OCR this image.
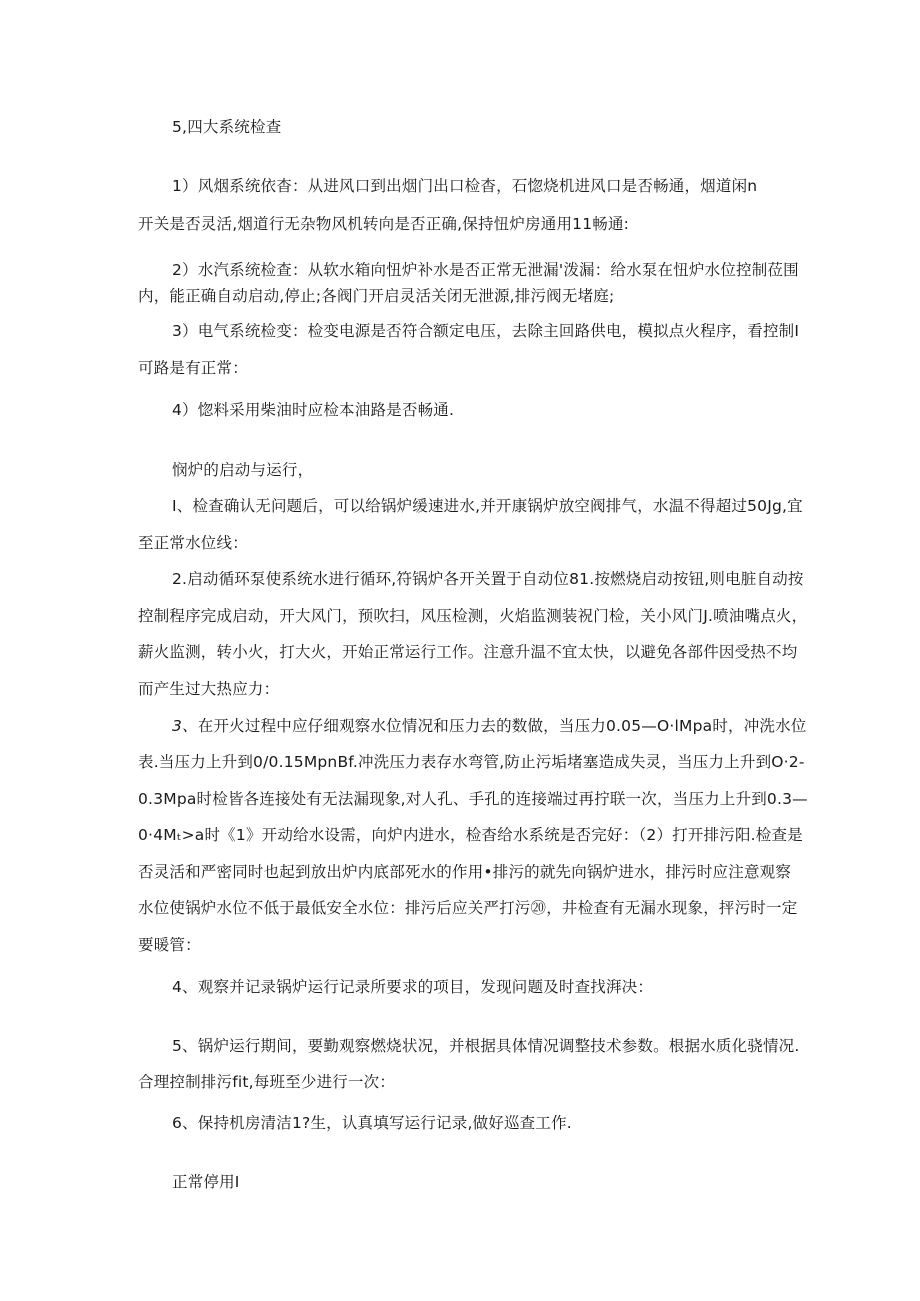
5,四大系统检查

1）风烟系统依杳：从进风口到出烟门出口检杳，石惚烧机进风口是否畅通，烟道闲n

开关是否灵活,烟道行无杂物风机转向是否正确,保持忸炉房通用11畅通:

2）水汽系统检查：从软水箱向忸炉补水是否正常无泄漏'泼漏：给水泵在忸炉水位控制莅围

内，能正确自动启动,停止;各阀门开启灵活关闭无泄源,排污阀无堵庭;

3）电气系统检变：检变电源是否符合额定电压，去除主回路供电，模拟点火程序，看控制I

可路是有正常：

4）惚料采用柴油时应检本油路是否畅通.

悯炉的启动与运行，

I、检查确认无问题后，可以给锅炉缓速进水,并开康锅炉放空阀排气，水温不得超过50Jg,宜

至正常水位线：

2.启动循环泵使系统水进行循环,符锅炉各开关置于自动位81.按燃烧启动按钮,则电脏自动按

控制程序完成启动，开大风门，预吹扫，风压检测，火焰监测装祝门检，关小风门J.喷油嘴点火，

薪火监测，转小火，打大火，开始正常运行工作。注意升温不宜太快，以避免各部件因受热不均

而产生过大热应力：

3、在开火过程中应仔细观察水位情况和压力去的数做，当压力0.05—O·lMpa时，冲洗水位

表.当压力上升到0/0.15MpnBf.冲洗压力表存水弯管,防止污垢堵塞造成失灵，当压力上升到O·2-

0.3Mpa时检皆各连接处有无法漏现象,对人孔、手孔的连接端过再拧联一次，当压力上升到0.3—

0·4Mₜ>a时《1》开动给水设需，向炉内进水，检杳给水系统是否完好：（2）打开排污阳.检查是

否灵活和严密同时也起到放出炉内底部死水的作用•排污的就先向锅炉进水，排污时应注意观察

水位使锅炉水位不低于最低安全水位：排污后应关严打污⑳，井检查有无漏水现象，抨污时一定

要暖管：

4、观察并记录锅炉运行记录所要求的项目，发现问题及时查找湃决：

5、锅炉运行期间，要勤观察燃烧状况，并根据具体情况调整技术参数。根据水质化骁情况.

合理控制排污fit,每班至少进行一次：

6、保持机房清洁1?生，认真填写运行记录,做好巡查工作.

正常停用I
